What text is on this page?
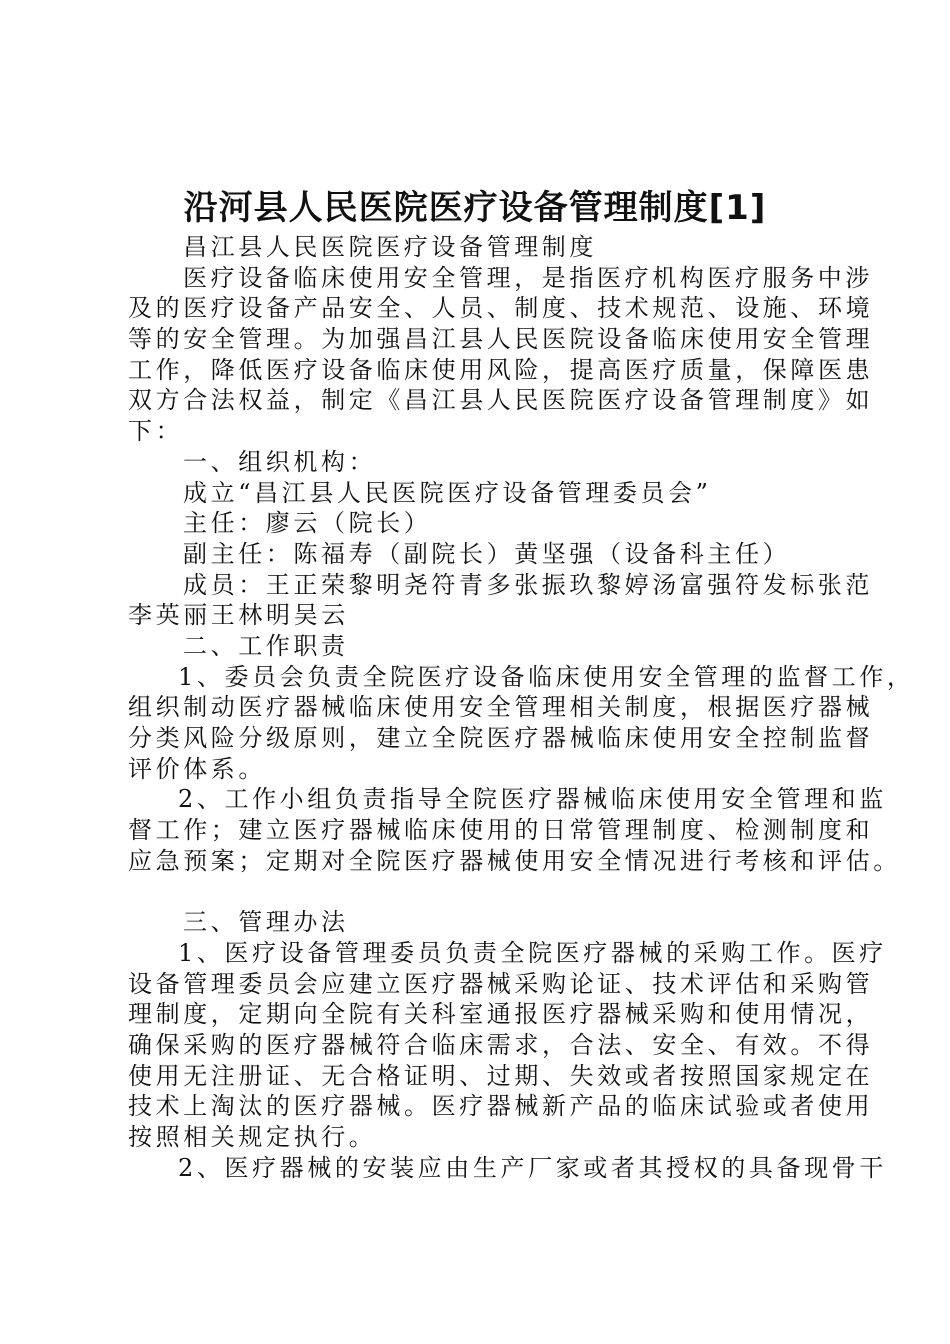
沿河县人民医院医疗设备管理制度[1]
昌江县人民医院医疗设备管理制度
医疗设备临床使用安全管理，是指医疗机构医疗服务中涉
及的医疗设备产品安全、人员、制度、技术规范、设施、环境
等的安全管理。为加强昌江县人民医院设备临床使用安全管理
工作，降低医疗设备临床使用风险，提高医疗质量，保障医患
双方合法权益，制定《昌江县人民医院医疗设备管理制度》如
下：
一、组织机构：
成立“昌江县人民医院医疗设备管理委员会”
主任：廖云（院长）
副主任：陈福寿（副院长）黄坚强（设备科主任）
成员：王正荣黎明尧符青多张振玖黎婷汤富强符发标张范
李英丽王林明吴云
二、工作职责
1、委员会负责全院医疗设备临床使用安全管理的监督工作，
组织制动医疗器械临床使用安全管理相关制度，根据医疗器械
分类风险分级原则，建立全院医疗器械临床使用安全控制监督
评价体系。
2、工作小组负责指导全院医疗器械临床使用安全管理和监
督工作；建立医疗器械临床使用的日常管理制度、检测制度和
应急预案；定期对全院医疗器械使用安全情况进行考核和评估。
三、管理办法
1、医疗设备管理委员负责全院医疗器械的采购工作。医疗
设备管理委员会应建立医疗器械采购论证、技术评估和采购管
理制度，定期向全院有关科室通报医疗器械采购和使用情况，
确保采购的医疗器械符合临床需求，合法、安全、有效。不得
使用无注册证、无合格证明、过期、失效或者按照国家规定在
技术上淘汰的医疗器械。医疗器械新产品的临床试验或者使用
按照相关规定执行。
2、医疗器械的安装应由生产厂家或者其授权的具备现骨干
